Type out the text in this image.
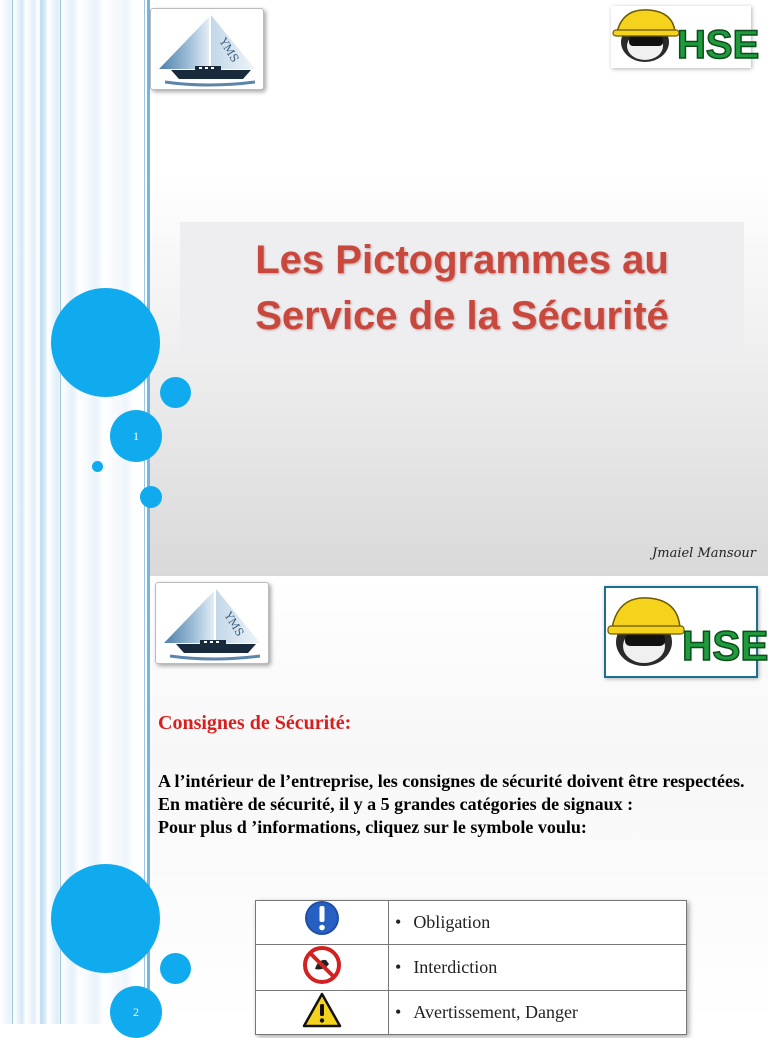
1
YMS	HSE
Les Pictogrammes au
Service de la Sécurité
Jmaiel Mansour
2
YMS	HSE
Consignes de Sécurité:

A l’intérieur de l’entreprise, les consignes de sécurité doivent être respectées.

En matière de sécurité, il y a 5 grandes catégories de signaux :

Pour plus d ’informations, cliquez sur le symbole voulu:

	• Obligation
	• Interdiction
	• Avertissement, Danger
